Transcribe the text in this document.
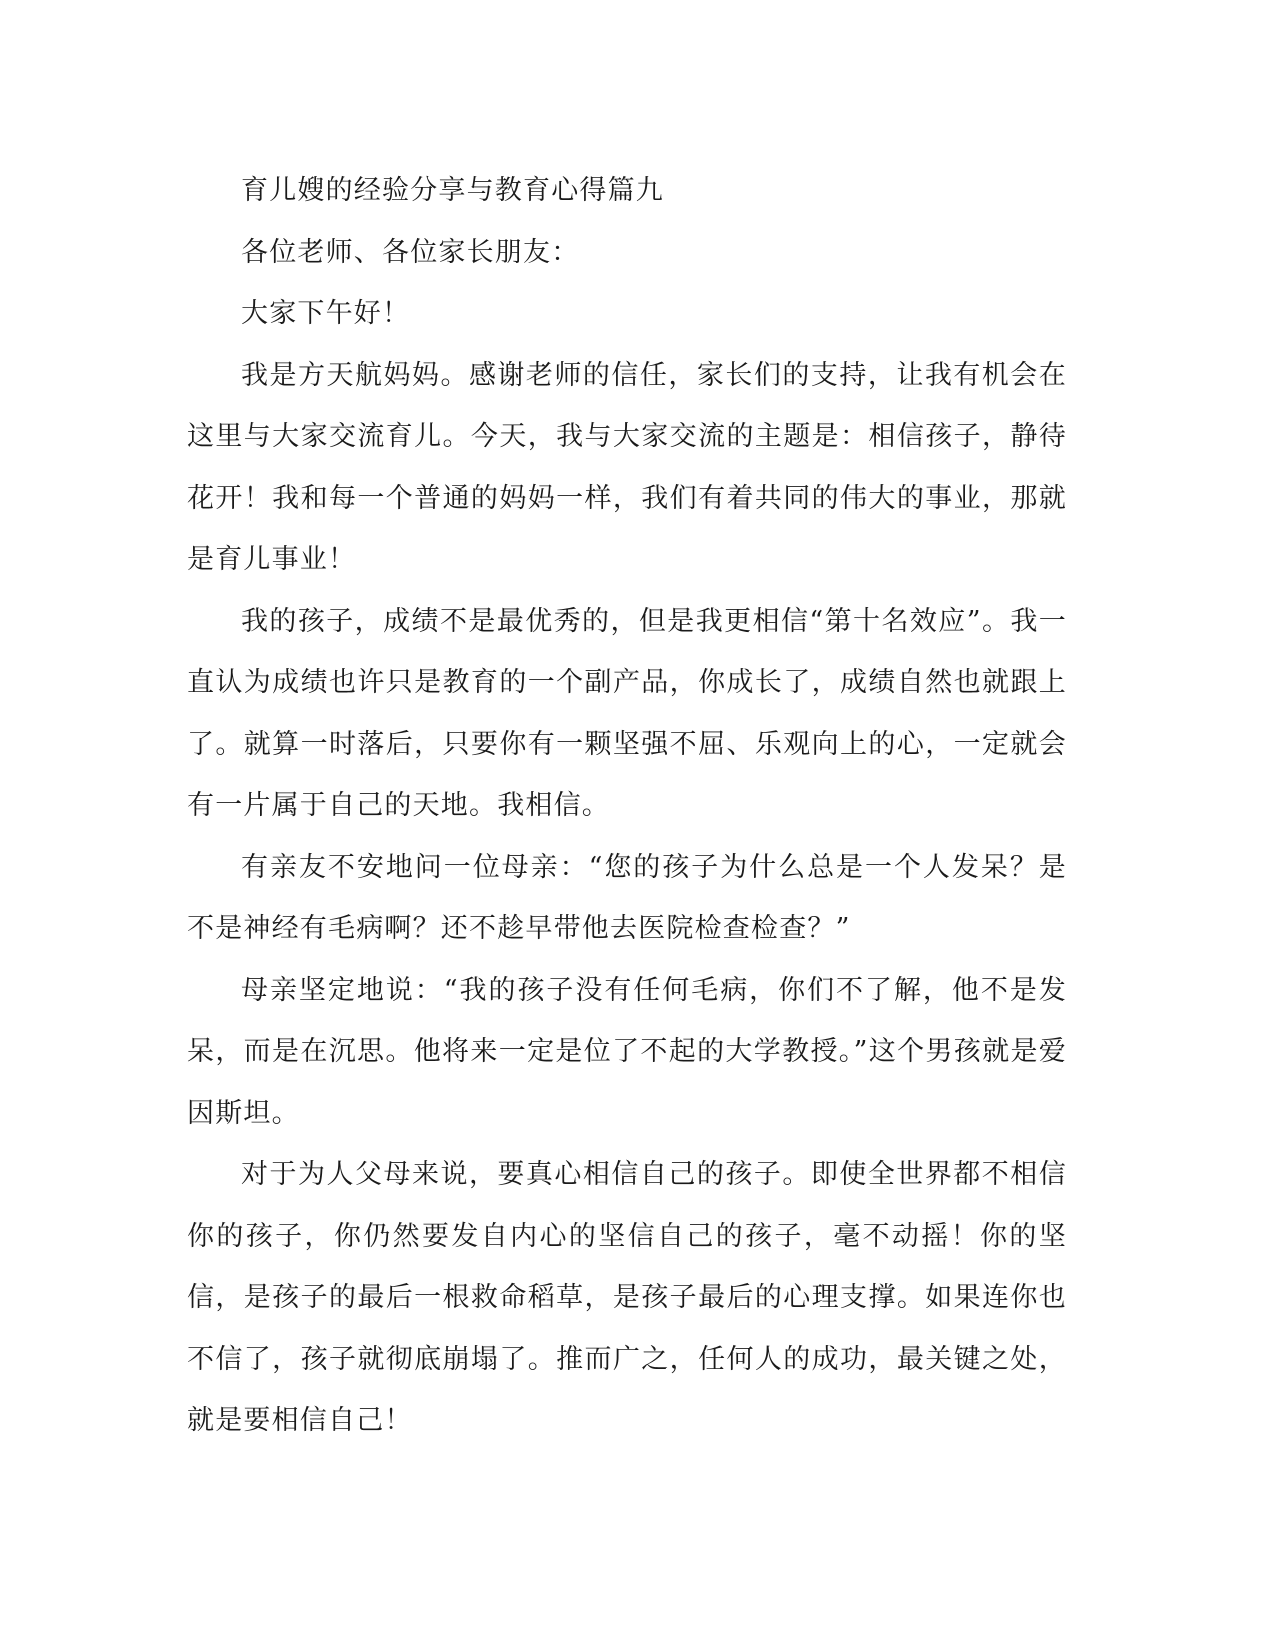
育儿嫂的经验分享与教育心得篇九

各位老师、各位家长朋友：

大家下午好！

我是方天航妈妈。感谢老师的信任，家长们的支持，让我有机会在这里与大家交流育儿。今天，我与大家交流的主题是：相信孩子，静待花开！我和每一个普通的妈妈一样，我们有着共同的伟大的事业，那就是育儿事业！

我的孩子，成绩不是最优秀的，但是我更相信“第十名效应”。我一直认为成绩也许只是教育的一个副产品，你成长了，成绩自然也就跟上了。就算一时落后，只要你有一颗坚强不屈、乐观向上的心，一定就会有一片属于自己的天地。我相信。

有亲友不安地问一位母亲：“您的孩子为什么总是一个人发呆？是不是神经有毛病啊？还不趁早带他去医院检查检查？”

母亲坚定地说：“我的孩子没有任何毛病，你们不了解，他不是发呆，而是在沉思。他将来一定是位了不起的大学教授。”这个男孩就是爱因斯坦。

对于为人父母来说，要真心相信自己的孩子。即使全世界都不相信你的孩子，你仍然要发自内心的坚信自己的孩子，毫不动摇！你的坚信，是孩子的最后一根救命稻草，是孩子最后的心理支撑。如果连你也不信了，孩子就彻底崩塌了。推而广之，任何人的成功，最关键之处，就是要相信自己！
